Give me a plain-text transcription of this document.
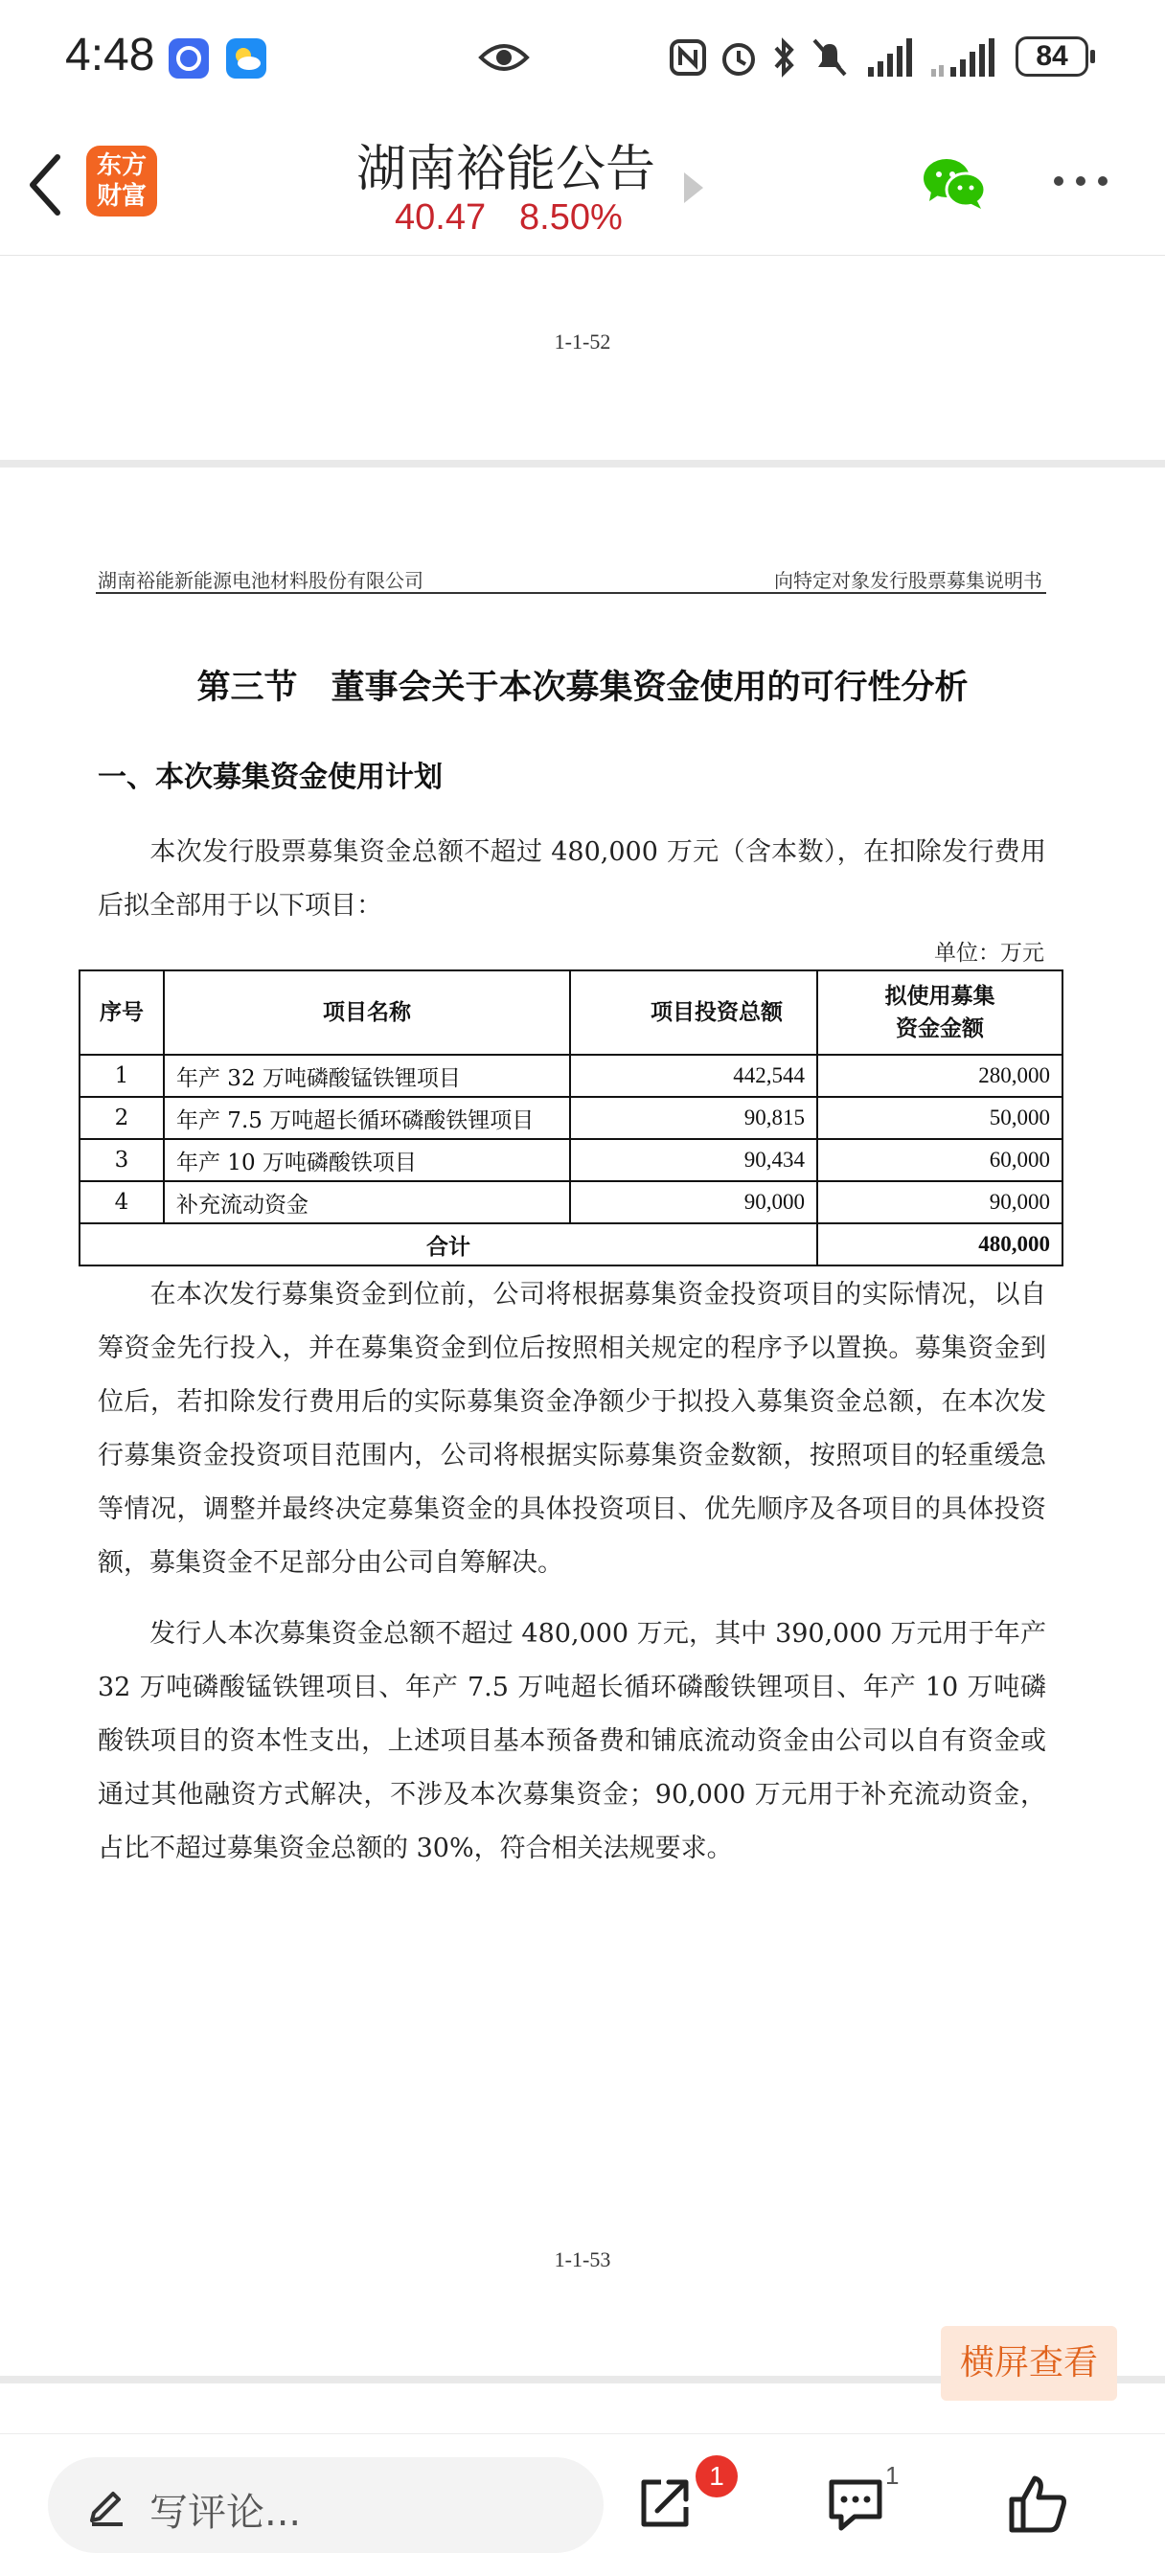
4:48	84
东方
财富	湖南裕能公告
40.47 8.50%
1-1-52
湖南裕能新能源电池材料股份有限公司	向特定对象发行股票募集说明书
第三节　董事会关于本次募集资金使用的可行性分析
一、本次募集资金使用计划
本次发行股票募集资金总额不超过 480,000 万元（含本数），在扣除发行费用后拟全部用于以下项目：
单位：万元
序号	项目名称	项目投资总额	拟使用募集
资金金额

1	年产 32 万吨磷酸锰铁锂项目	442,544	280,000
2	年产 7.5 万吨超长循环磷酸铁锂项目	90,815	50,000
3	年产 10 万吨磷酸铁项目	90,434	60,000
4	补充流动资金	90,000	90,000
合计			480,000
在本次发行募集资金到位前，公司将根据募集资金投资项目的实际情况，以自筹资金先行投入，并在募集资金到位后按照相关规定的程序予以置换。募集资金到位后，若扣除发行费用后的实际募集资金净额少于拟投入募集资金总额，在本次发行募集资金投资项目范围内，公司将根据实际募集资金数额，按照项目的轻重缓急等情况，调整并最终决定募集资金的具体投资项目、优先顺序及各项目的具体投资额，募集资金不足部分由公司自筹解决。
发行人本次募集资金总额不超过 480,000 万元，其中 390,000 万元用于年产 32 万吨磷酸锰铁锂项目、年产 7.5 万吨超长循环磷酸铁锂项目、年产 10 万吨磷酸铁项目的资本性支出，上述项目基本预备费和铺底流动资金由公司以自有资金或通过其他融资方式解决，不涉及本次募集资金；90,000 万元用于补充流动资金，占比不超过募集资金总额的 30%，符合相关法规要求。
1-1-53
横屏查看
写评论...
1	1
